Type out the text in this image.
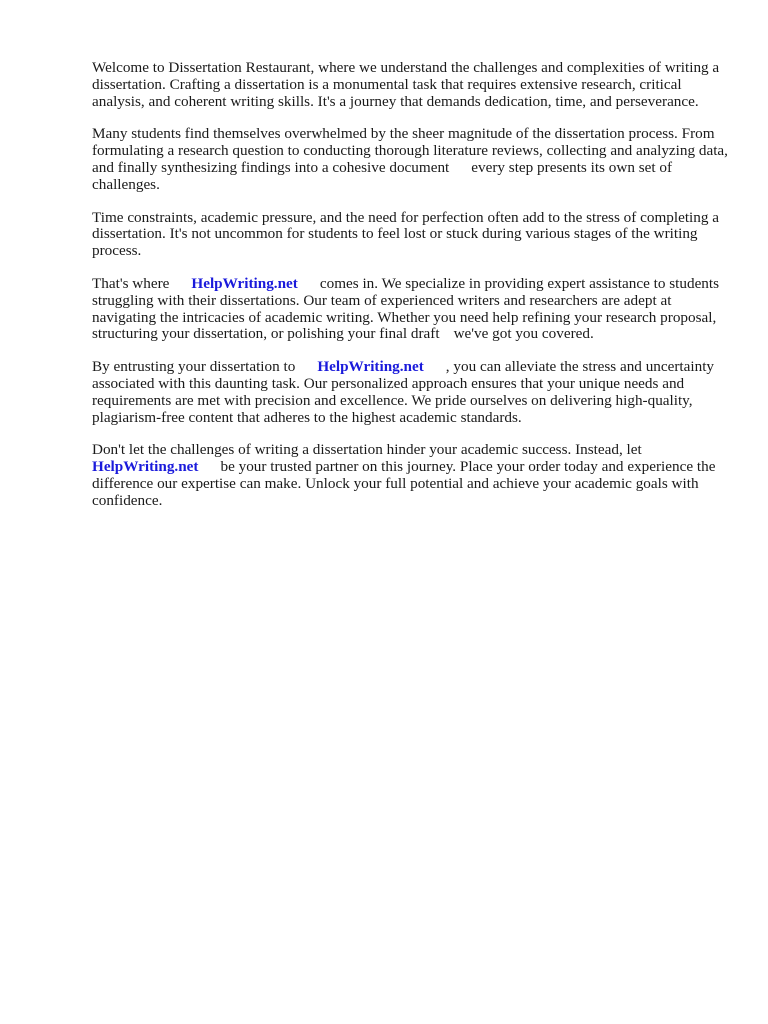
Welcome to Dissertation Restaurant, where we understand the challenges and complexities of writing a dissertation. Crafting a dissertation is a monumental task that requires extensive research, critical analysis, and coherent writing skills. It's a journey that demands dedication, time, and perseverance.

Many students find themselves overwhelmed by the sheer magnitude of the dissertation process. From formulating a research question to conducting thorough literature reviews, collecting and analyzing data, and finally synthesizing findings into a cohesive document every step presents its own set of challenges.

Time constraints, academic pressure, and the need for perfection often add to the stress of completing a dissertation. It's not uncommon for students to feel lost or stuck during various stages of the writing process.

That's where HelpWriting.net comes in. We specialize in providing expert assistance to students struggling with their dissertations. Our team of experienced writers and researchers are adept at navigating the intricacies of academic writing. Whether you need help refining your research proposal, structuring your dissertation, or polishing your final draft we've got you covered.

By entrusting your dissertation to HelpWriting.net , you can alleviate the stress and uncertainty associated with this daunting task. Our personalized approach ensures that your unique needs and requirements are met with precision and excellence. We pride ourselves on delivering high-quality, plagiarism-free content that adheres to the highest academic standards.

Don't let the challenges of writing a dissertation hinder your academic success. Instead, let HelpWriting.net be your trusted partner on this journey. Place your order today and experience the difference our expertise can make. Unlock your full potential and achieve your academic goals with confidence.
